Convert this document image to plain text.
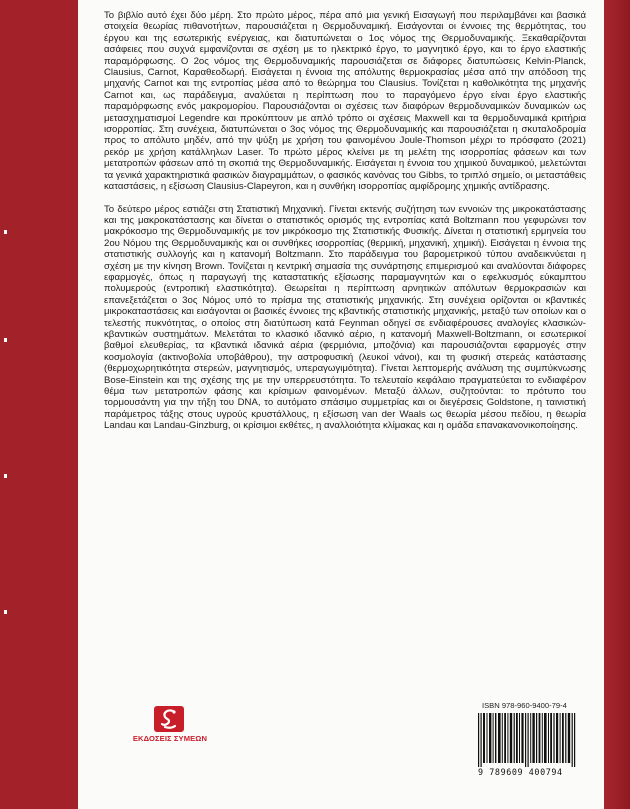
Το βιβλίο αυτό έχει δύο μέρη. Στο πρώτο μέρος, πέρα από μια γενική Εισαγωγή που περιλαμβάνει και βασικά στοιχεία θεωρίας πιθανοτήτων, παρουσιάζεται η Θερμοδυναμική. Εισάγονται οι έννοιες της θερμότητας, του έργου και της εσωτερικής ενέργειας, και διατυπώνεται ο 1ος νόμος της Θερμοδυναμικής. Ξεκαθαρίζονται ασάφειες που συχνά εμφανίζονται σε σχέση με το ηλεκτρικό έργο, το μαγνητικό έργο, και το έργο ελαστικής παραμόρφωσης. Ο 2ος νόμος της Θερμοδυναμικής παρουσιάζεται σε διάφορες διατυπώσεις Kelvin-Planck, Clausius, Carnot, Καραθεοδωρή. Εισάγεται η έννοια της απόλυτης θερμοκρασίας μέσα από την απόδοση της μηχανής Carnot και της εντροπίας μέσα από το θεώρημα του Clausius. Τονίζεται η καθολικότητα της μηχανής Carnot και, ως παράδειγμα, αναλύεται η περίπτωση που το παραγόμενο έργο είναι έργο ελαστικής παραμόρφωσης ενός μακρομορίου. Παρουσιάζονται οι σχέσεις των διαφόρων θερμοδυναμικών δυναμικών ως μετασχηματισμοί Legendre και προκύπτουν με απλό τρόπο οι σχέσεις Maxwell και τα θερμοδυναμικά κριτήρια ισορροπίας. Στη συνέχεια, διατυπώνεται ο 3ος νόμος της Θερμοδυναμικής και παρουσιάζεται η σκυταλοδρομία προς το απόλυτο μηδέν, από την ψύξη με χρήση του φαινομένου Joule-Thomson μέχρι το πρόσφατο (2021) ρεκόρ με χρήση κατάλληλων Laser. Το πρώτο μέρος κλείνει με τη μελέτη της ισορροπίας φάσεων και των μετατροπών φάσεων από τη σκοπιά της Θερμοδυναμικής. Εισάγεται η έννοια του χημικού δυναμικού, μελετώνται τα γενικά χαρακτηριστικά φασικών διαγραμμάτων, ο φασικός κανόνας του Gibbs, το τριπλό σημείο, οι μεταστάθεις καταστάσεις, η εξίσωση Clausius-Clapeyron, και η συνθήκη ισορροπίας αμφίδρομης χημικής αντίδρασης.

Το δεύτερο μέρος εστιάζει στη Στατιστική Μηχανική. Γίνεται εκτενής συζήτηση των εννοιών της μικροκατάστασης και της μακροκατάστασης και δίνεται ο στατιστικός ορισμός της εντροπίας κατά Boltzmann που γεφυρώνει τον μακρόκοσμο της Θερμοδυναμικής με τον μικρόκοσμο της Στατιστικής Φυσικής. Δίνεται η στατιστική ερμηνεία του 2ου Νόμου της Θερμοδυναμικής και οι συνθήκες ισορροπίας (θερμική, μηχανική, χημική). Εισάγεται η έννοια της στατιστικής συλλογής και η κατανομή Boltzmann. Στο παράδειγμα του βαρομετρικού τύπου αναδεικνύεται η σχέση με την κίνηση Brown. Τονίζεται η κεντρική σημασία της συνάρτησης επιμερισμού και αναλύονται διάφορες εφαρμογές, όπως η παραγωγή της καταστατικής εξίσωσης παραμαγνητών και ο εφελκυσμός εύκαμπτου πολυμερούς (εντροπική ελαστικότητα). Θεωρείται η περίπτωση αρνητικών απόλυτων θερμοκρασιών και επανεξετάζεται ο 3ος Νόμος υπό το πρίσμα της στατιστικής μηχανικής. Στη συνέχεια ορίζονται οι κβαντικές μικροκαταστάσεις και εισάγονται οι βασικές έννοιες της κβαντικής στατιστικής μηχανικής, μεταξύ των οποίων και ο τελεστής πυκνότητας, ο οποίος στη διατύπωση κατά Feynman οδηγεί σε ενδιαφέρουσες αναλογίες κλασικών-κβαντικών συστημάτων. Μελετάται το κλασικό ιδανικό αέριο, η κατανομή Maxwell-Boltzmann, οι εσωτερικοί βαθμοί ελευθερίας, τα κβαντικά ιδανικά αέρια (φερμιόνια, μποζόνια) και παρουσιάζονται εφαρμογές στην κοσμολογία (ακτινοβολία υποβάθρου), την αστροφυσική (λευκοί νάνοι), και τη φυσική στερεάς κατάστασης (θερμοχωρητικότητα στερεών, μαγνητισμός, υπεραγωγιμότητα). Γίνεται λεπτομερής ανάλυση της συμπύκνωσης Bose-Einstein και της σχέσης της με την υπερρευστότητα. Το τελευταίο κεφάλαιο πραγματεύεται το ενδιαφέρον θέμα των μετατροπών φάσης και κρίσιμων φαινομένων. Μεταξύ άλλων, συζητούνται: το πρότυπο του τορμουσάντη για την τήξη του DNA, το αυτόματο σπάσιμο συμμετρίας και οι διεγέρσεις Goldstone, η ταινιστική παράμετρος τάξης στους υγρούς κρυστάλλους, η εξίσωση van der Waals ως θεωρία μέσου πεδίου, η θεωρία Landau και Landau-Ginzburg, οι κρίσιμοι εκθέτες, η αναλλοιότητα κλίμακας και η ομάδα επανακανονικοποίησης.

ΕΚΔΟΣΕΙΣ ΣΥΜΕΩΝ
ISBN 978-960-9400-79-4
9 789609 400794
